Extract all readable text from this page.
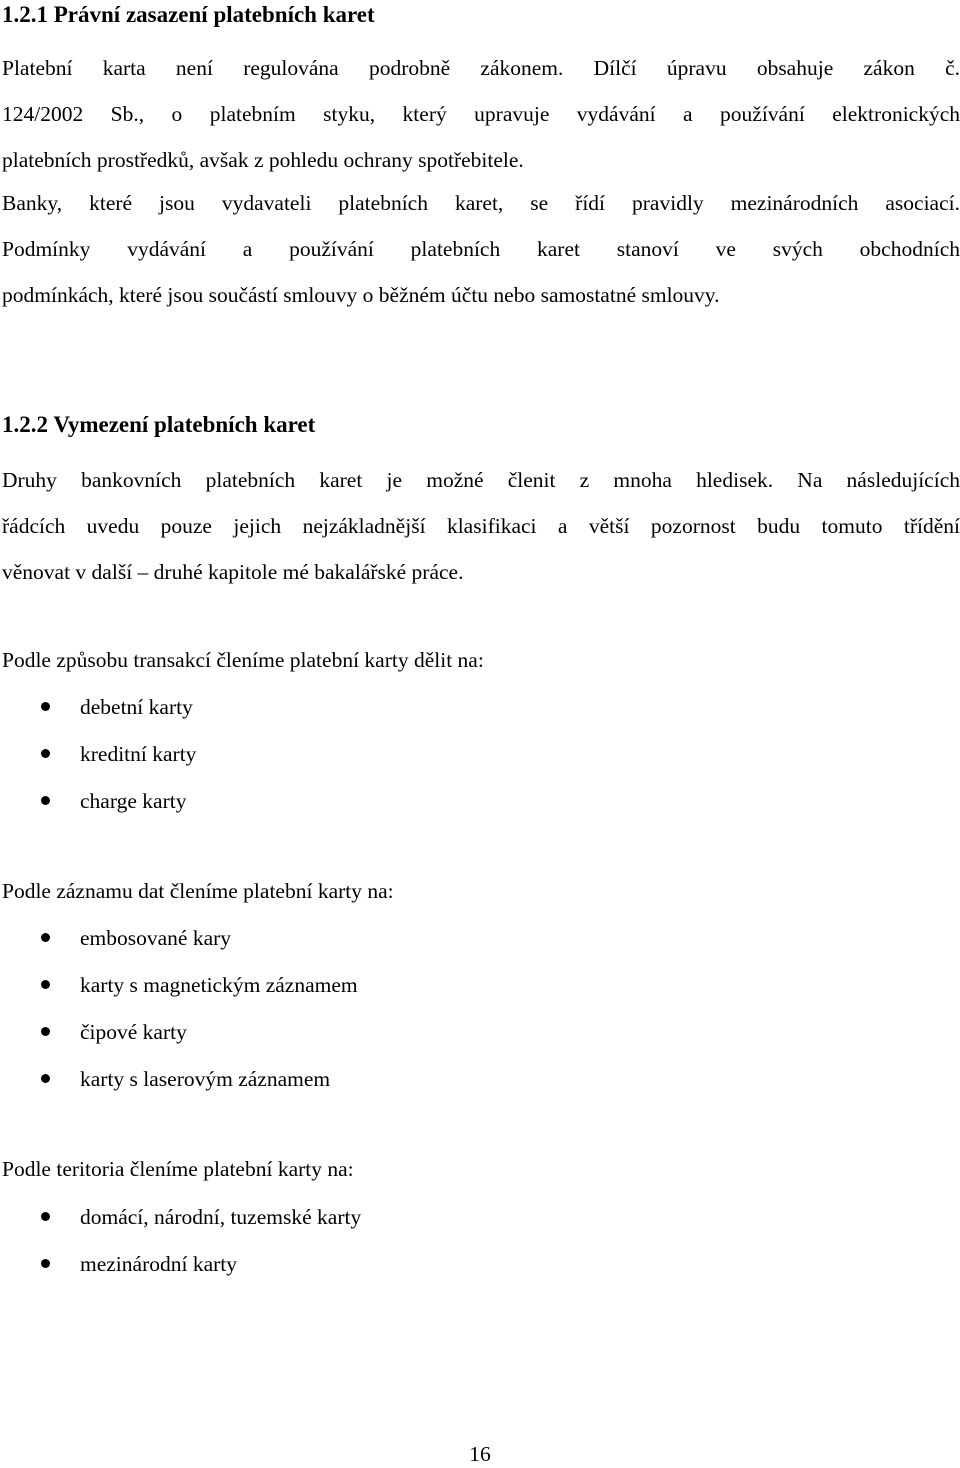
1.2.1 Právní zasazení platebních karet
Platební karta není regulována podrobně zákonem. Dílčí úpravu obsahuje zákon č.
124/2002 Sb., o platebním styku, který upravuje vydávání a používání elektronických
platebních prostředků, avšak z pohledu ochrany spotřebitele.
Banky, které jsou vydavateli platebních karet, se řídí pravidly mezinárodních asociací.
Podmínky vydávání a používání platebních karet stanoví ve svých obchodních
podmínkách, které jsou součástí smlouvy o běžném účtu nebo samostatné smlouvy.
1.2.2 Vymezení platebních karet
Druhy bankovních platebních karet je možné členit z mnoha hledisek. Na následujících
řádcích uvedu pouze jejich nejzákladnější klasifikaci a větší pozornost budu tomuto třídění
věnovat v další – druhé kapitole mé bakalářské práce.
Podle způsobu transakcí členíme platební karty dělit na:
debetní karty
kreditní karty
charge karty
Podle záznamu dat členíme platební karty na:
embosované kary
karty s magnetickým záznamem
čipové karty
karty s laserovým záznamem
Podle teritoria členíme platební karty na:
domácí, národní, tuzemské karty
mezinárodní karty
16
